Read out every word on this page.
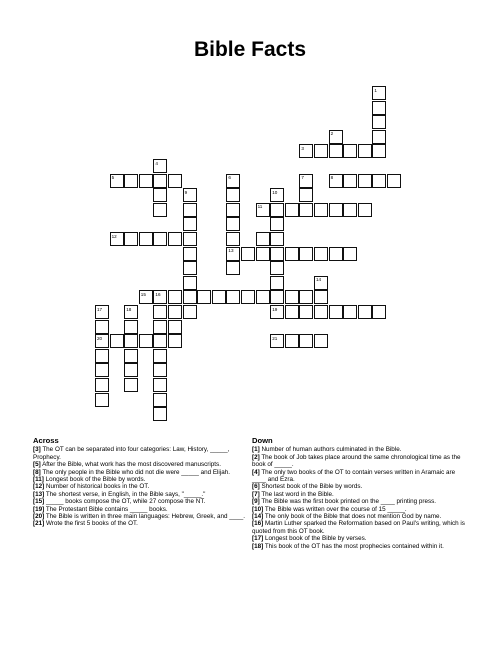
Bible Facts
1
2
3
4
5	6
13
7	8
9	10
11
12
14
15 16
17
20
18	19
21
Across
[3] The OT can be separated into four categories: Law, History, _____, Prophecy.
[5] After the Bible, what work has the most discovered manuscripts.
[8] The only people in the Bible who did not die were _____ and Elijah.
[11] Longest book of the Bible by words.
[12] Number of historical books in the OT.
[13] The shortest verse, in English, in the Bible says, "_____."
[15] _____ books compose the OT, while 27 compose the NT.
[19] The Protestant Bible contains _____ books.
[20] The Bible is written in three main languages: Hebrew, Greek, and ____.
[21] Wrote the first 5 books of the OT.
Down
[1] Number of human authors culminated in the Bible.
[2] The book of Job takes place around the same chronological time as the book of _____.
[4] The only two books of the OT to contain verses written in Aramaic are ____ and Ezra.
[6] Shortest book of the Bible by words.
[7] The last word in the Bible.
[9] The Bible was the first book printed on the ____ printing press.
[10] The Bible was written over the course of 15 _____.
[14] The only book of the Bible that does not mention God by name.
[16] Martin Luther sparked the Reformation based on Paul's writing, which is quoted from this OT book.
[17] Longest book of the Bible by verses.
[18] This book of the OT has the most prophecies contained within it.
